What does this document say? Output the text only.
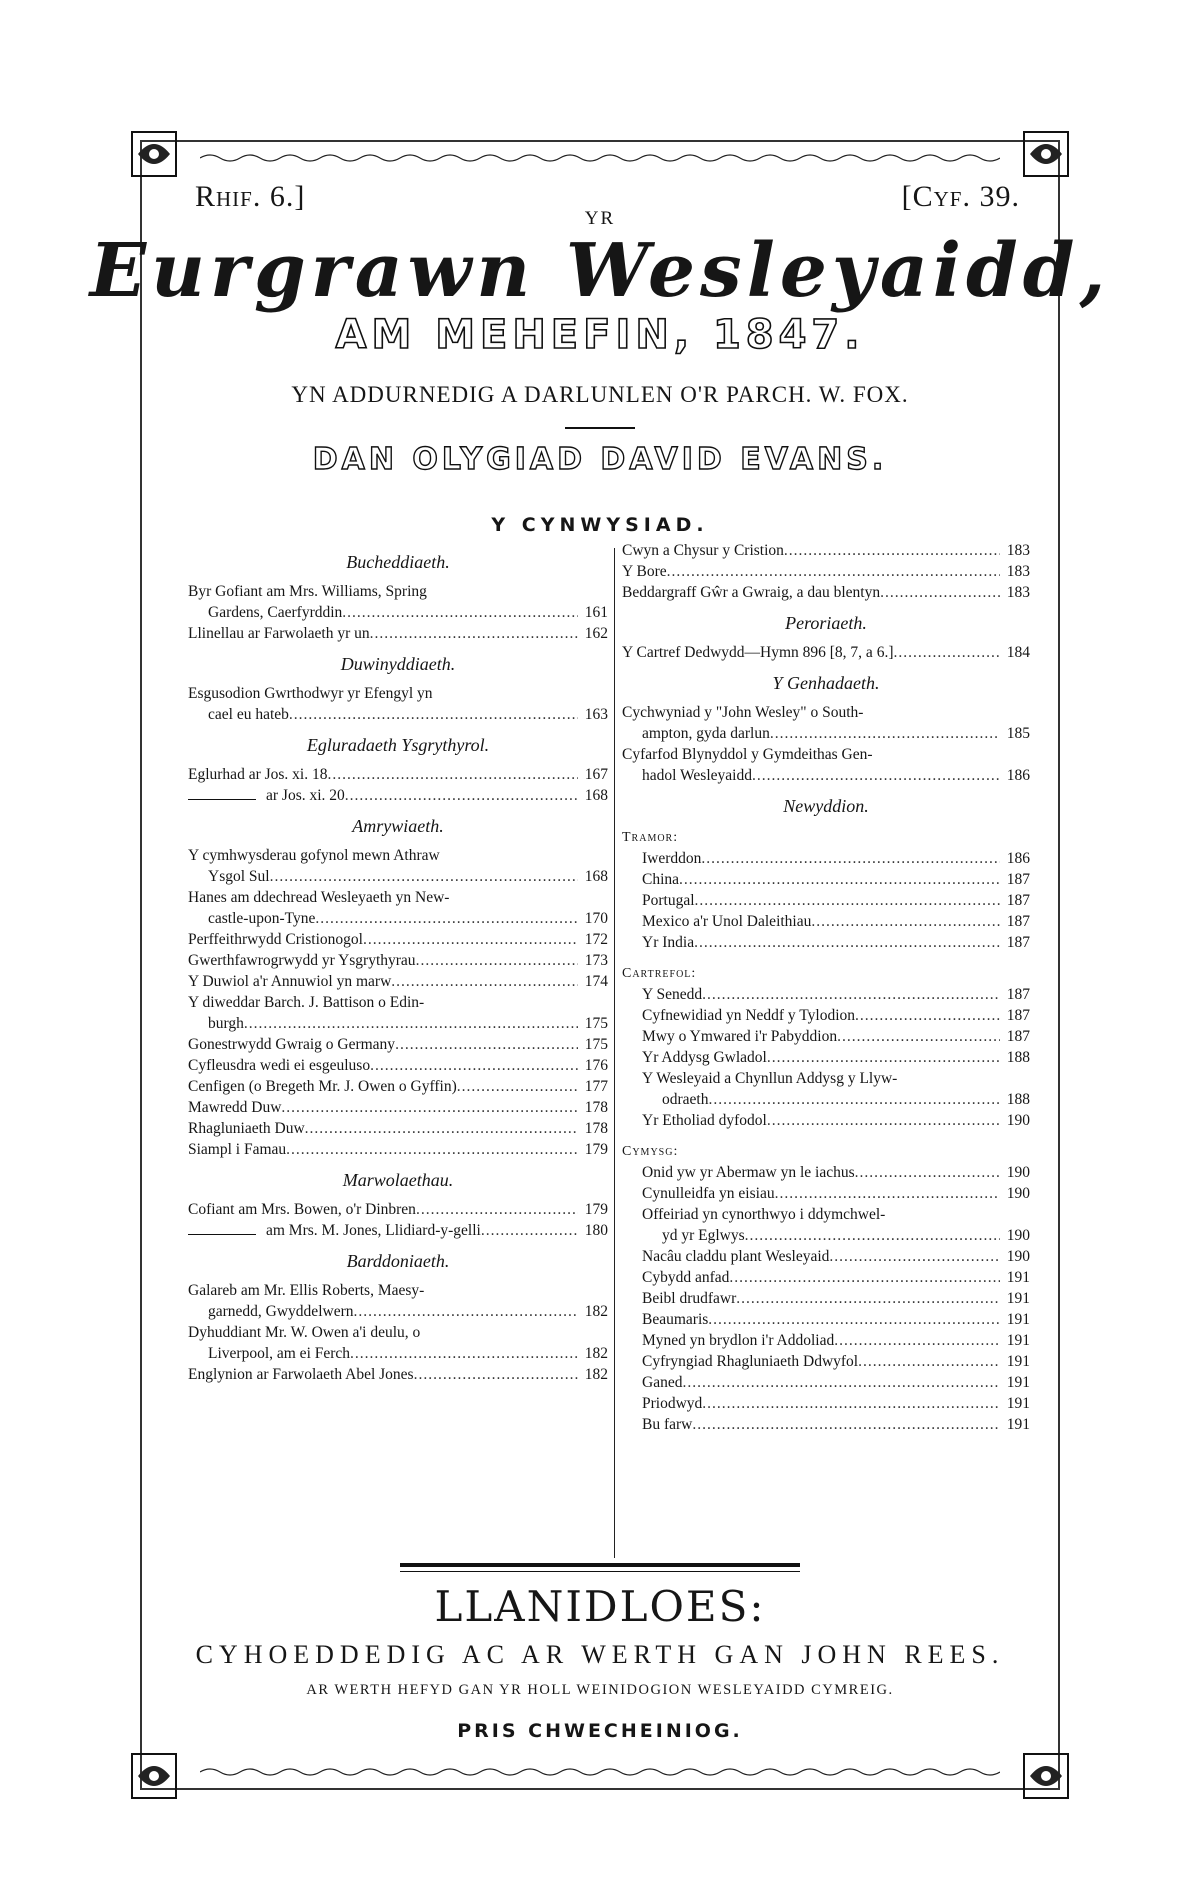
Rhif. 6.]	[Cyf. 39.
YR
Eurgrawn Wesleyaidd,
AM MEHEFIN, 1847.
YN ADDURNEDIG A DARLUNLEN O'R PARCH. W. FOX.
DAN OLYGIAD DAVID EVANS.
Y CYNWYSIAD.
Bucheddiaeth.
Byr Gofiant am Mrs. Williams, Spring
Gardens, Caerfyrddin .....	161
Llinellau ar Farwolaeth yr un .....	162
Duwinyddiaeth.
Esgusodion Gwrthodwyr yr Efengyl yn
cael eu hateb .....	163
Egluradaeth Ysgrythyrol.
Eglurhad ar Jos. xi. 18 .....	167
ar Jos. xi. 20 .....	168
Amrywiaeth.
Y cymhwysderau gofynol mewn Athraw
Ysgol Sul .....	168
Hanes am ddechread Wesleyaeth yn New-
castle-upon-Tyne .....	170
Perffeithrwydd Cristionogol .....	172
Gwerthfawrogrwydd yr Ysgrythyrau .....	173
Y Duwiol a'r Annuwiol yn marw .....	174
Y diweddar Barch. J. Battison o Edin-
burgh .....	175
Gonestrwydd Gwraig o Germany .....	175
Cyfleusdra wedi ei esgeuluso .....	176
Cenfigen (o Bregeth Mr. J. Owen o Gyffin) .....	177
Mawredd Duw .....	178
Rhagluniaeth Duw .....	178
Siampl i Famau .....	179
Marwolaethau.
Cofiant am Mrs. Bowen, o'r Dinbren .....	179
am Mrs. M. Jones, Llidiard-y-gelli .....	180
Barddoniaeth.
Galareb am Mr. Ellis Roberts, Maesy-
garnedd, Gwyddelwern .....	182
Dyhuddiant Mr. W. Owen a'i deulu, o
Liverpool, am ei Ferch .....	182
Englynion ar Farwolaeth Abel Jones .....	182
Cwyn a Chysur y Cristion .....	183
Y Bore .....	183
Beddargraff Gŵr a Gwraig, a dau blentyn .....	183
Peroriaeth.
Y Cartref Dedwydd—Hymn 896 [8, 7, a 6.] .....	184
Y Genhadaeth.
Cychwyniad y "John Wesley" o South-
ampton, gyda darlun .....	185
Cyfarfod Blynyddol y Gymdeithas Gen-
hadol Wesleyaidd .....	186
Newyddion.
Tramor:
Iwerddon .....	186
China .....	187
Portugal .....	187
Mexico a'r Unol Daleithiau .....	187
Yr India .....	187
Cartrefol:
Y Senedd .....	187
Cyfnewidiad yn Neddf y Tylodion .....	187
Mwy o Ymwared i'r Pabyddion .....	187
Yr Addysg Gwladol .....	188
Y Wesleyaid a Chynllun Addysg y Llyw-
odraeth .....	188
Yr Etholiad dyfodol .....	190
Cymysg:
Onid yw yr Abermaw yn le iachus .....	190
Cynulleidfa yn eisiau .....	190
Offeiriad yn cynorthwyo i ddymchwel-
yd yr Eglwys .....	190
Nacâu claddu plant Wesleyaid .....	190
Cybydd anfad .....	191
Beibl drudfawr .....	191
Beaumaris .....	191
Myned yn brydlon i'r Addoliad .....	191
Cyfryngiad Rhagluniaeth Ddwyfol .....	191
Ganed .....	191
Priodwyd .....	191
Bu farw .....	191
LLANIDLOES:
CYHOEDDEDIG AC AR WERTH GAN JOHN REES.
AR WERTH HEFYD GAN YR HOLL WEINIDOGION WESLEYAIDD CYMREIG.
PRIS CHWECHEINIOG.
